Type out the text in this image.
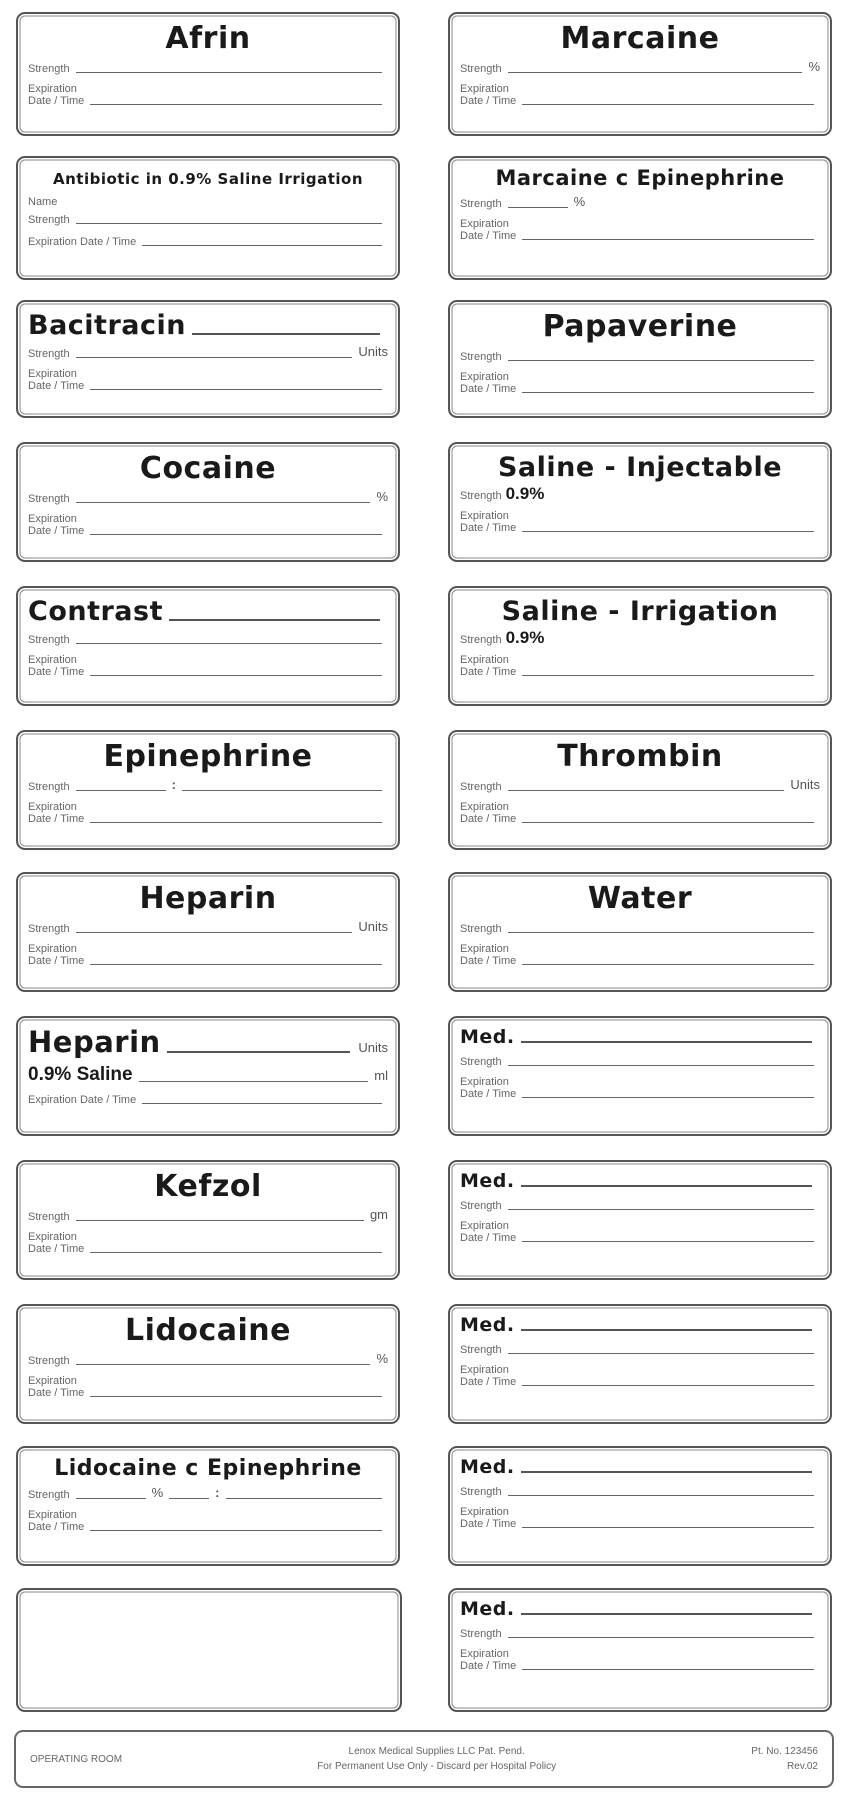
Afrin
Strength
Expiration
Date / Time
Marcaine
Strength	%
Expiration
Date / Time
Antibiotic in 0.9% Saline Irrigation
Name
Strength
Expiration Date / Time
Marcaine c Epinephrine
Strength	%
Expiration
Date / Time
Bacitracin
Strength	Units
Expiration
Date / Time
Papaverine
Strength
Expiration
Date / Time
Cocaine
Strength	%
Expiration
Date / Time
Saline - Injectable
Strength 0.9%
Expiration
Date / Time
Contrast
Strength
Expiration
Date / Time
Saline - Irrigation
Strength 0.9%
Expiration
Date / Time
Epinephrine
Strength	:
Expiration
Date / Time
Thrombin
Strength	Units
Expiration
Date / Time
Heparin
Strength	Units
Expiration
Date / Time
Water
Strength
Expiration
Date / Time
Heparin	Units
0.9% Saline	ml
Expiration Date / Time
Med.
Strength
Expiration
Date / Time
Kefzol
Strength	gm
Expiration
Date / Time
Med.
Strength
Expiration
Date / Time
Lidocaine
Strength	%
Expiration
Date / Time
Med.
Strength
Expiration
Date / Time
Lidocaine c Epinephrine
Strength	%	:
Expiration
Date / Time
Med.
Strength
Expiration
Date / Time
Med.
Strength
Expiration
Date / Time
OPERATING ROOM
Lenox Medical Supplies LLC Pat. Pend.
For Permanent Use Only - Discard per Hospital Policy
Pt. No. 123456
Rev.02
